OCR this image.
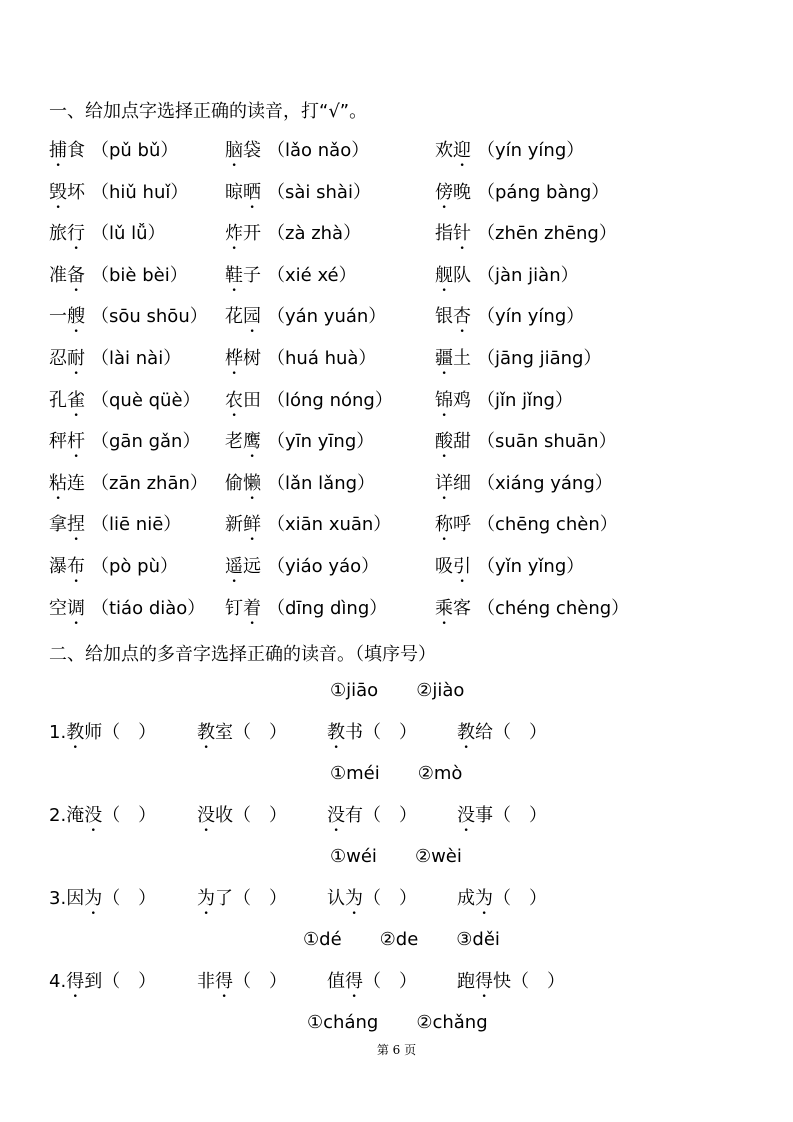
一、给加点字选择正确的读音，打“√”。
捕食 （pǔ bǔ）	脑袋 （lǎo nǎo）	欢迎 （yín yíng）
毁坏 （hiǔ huǐ） 晾晒 （sài shài）	傍晚 （páng bàng）
旅行 （lǔ lǚ）	炸开 （zà zhà）	指针 （zhēn zhēng）
准备 （biè bèi） 鞋子 （xié xé）	舰队 （jàn jiàn）
一艘 （sōu shōu） 花园 （yán yuán）	银杏 （yín yíng）
忍耐 （lài nài） 桦树 （huá huà）	疆土 （jāng jiāng）
孔雀 （què qüè） 农田 （lóng nóng） 锦鸡 （jǐn jǐng）
秤杆 （gān gǎn） 老鹰 （yīn yīng）	酸甜 （suān shuān）
粘连 （zān zhān） 偷懒 （lǎn lǎng）	详细 （xiáng yáng）
拿捏 （liē niē） 新鲜 （xiān xuān） 称呼 （chēng chèn）
瀑布 （pò pù）	遥远 （yiáo yáo）	吸引 （yǐn yǐng）
空调 （tiáo diào） 钉着 （dīng dìng）	乘客 （chéng chèng）
二、给加点的多音字选择正确的读音。（填序号）
①jiāo ②jiào
1.教师（　） 教室（　） 教书（　） 教给（　）
①méi ②mò
2.淹没（　） 没收（　） 没有（　） 没事（　）
①wéi ②wèi
3.因为（　） 为了（　） 认为（　） 成为（　）
①dé ②de ③děi
4.得到（　） 非得（　） 值得（　） 跑得快（　）
①cháng ②chǎng
第 6 页
